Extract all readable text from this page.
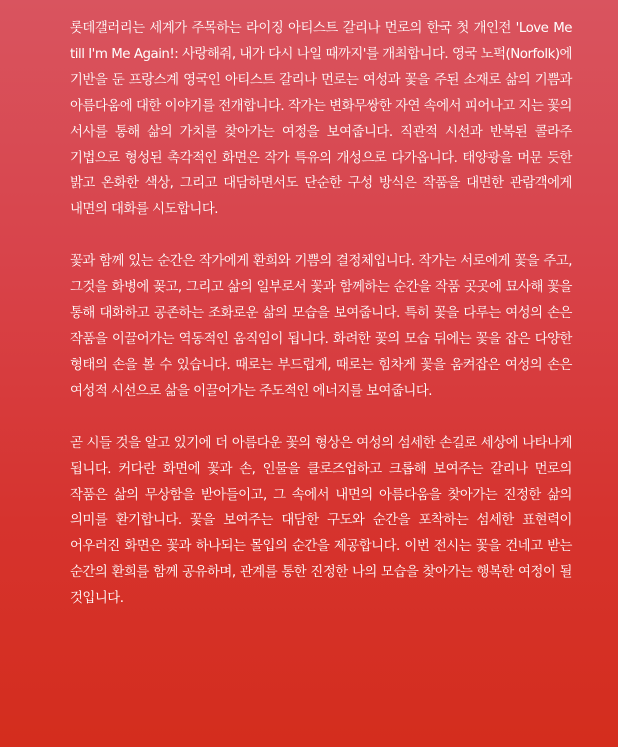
롯데갤러리는 세계가 주목하는 라이징 아티스트 갈리나 먼로의 한국 첫 개인전 'Love Me till I'm Me Again!: 사랑해줘, 내가 다시 나일 때까지'를 개최합니다. 영국 노퍽(Norfolk)에 기반을 둔 프랑스계 영국인 아티스트 갈리나 먼로는 여성과 꽃을 주된 소재로 삶의 기쁨과 아름다움에 대한 이야기를 전개합니다. 작가는 변화무쌍한 자연 속에서 피어나고 지는 꽃의 서사를 통해 삶의 가치를 찾아가는 여정을 보여줍니다. 직관적 시선과 반복된 콜라주 기법으로 형성된 촉각적인 화면은 작가 특유의 개성으로 다가옵니다. 태양광을 머문 듯한 밝고 온화한 색상, 그리고 대담하면서도 단순한 구성 방식은 작품을 대면한 관람객에게 내면의 대화를 시도합니다.

꽃과 함께 있는 순간은 작가에게 환희와 기쁨의 결정체입니다. 작가는 서로에게 꽃을 주고, 그것을 화병에 꽂고, 그리고 삶의 일부로서 꽃과 함께하는 순간을 작품 곳곳에 묘사해 꽃을 통해 대화하고 공존하는 조화로운 삶의 모습을 보여줍니다. 특히 꽃을 다루는 여성의 손은 작품을 이끌어가는 역동적인 움직임이 됩니다. 화려한 꽃의 모습 뒤에는 꽃을 잡은 다양한 형태의 손을 볼 수 있습니다. 때로는 부드럽게, 때로는 힘차게 꽃을 움켜잡은 여성의 손은 여성적 시선으로 삶을 이끌어가는 주도적인 에너지를 보여줍니다.

곧 시들 것을 알고 있기에 더 아름다운 꽃의 형상은 여성의 섬세한 손길로 세상에 나타나게 됩니다. 커다란 화면에 꽃과 손, 인물을 클로즈업하고 크롭해 보여주는 갈리나 먼로의 작품은 삶의 무상함을 받아들이고, 그 속에서 내면의 아름다움을 찾아가는 진정한 삶의 의미를 환기합니다. 꽃을 보여주는 대담한 구도와 순간을 포착하는 섬세한 표현력이 어우러진 화면은 꽃과 하나되는 몰입의 순간을 제공합니다. 이번 전시는 꽃을 건네고 받는 순간의 환희를 함께 공유하며, 관계를 통한 진정한 나의 모습을 찾아가는 행복한 여정이 될 것입니다.
